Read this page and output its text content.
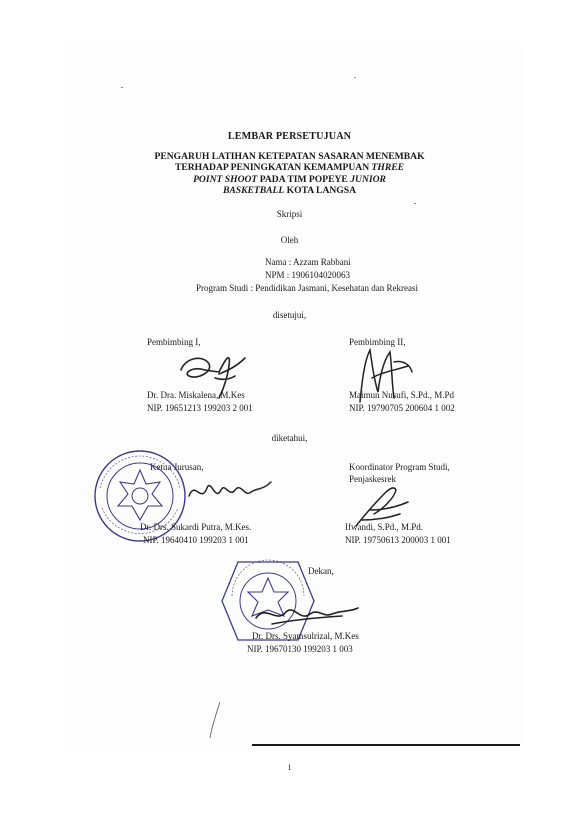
LEMBAR PERSETUJUAN
PENGARUH LATIHAN KETEPATAN SASARAN MENEMBAK
TERHADAP PENINGKATAN KEMAMPUAN THREE
POINT SHOOT PADA TIM POPEYE JUNIOR
BASKETBALL KOTA LANGSA
Skripsi
Oleh
Nama : Azzam Rabbani
NPM : 1906104020063
Program Studi : Pendidikan Jasmani, Kesehatan dan Rekreasi
disetujui,
Pembimbing I,
Dr. Dra. Miskalena, M.Kes
NIP. 19651213 199203 2 001
Pembimbing II,
Maimun Nusufi, S.Pd., M.Pd
NIP. 19790705 200604 1 002
diketahui,
Ketua Jurusan,
Dr. Drs. Sukardi Putra, M.Kes.
NIP. 19640410 199203 1 001
Koordinator Program Studi,
Penjaskesrek
Ifwandi, S.Pd., M.Pd.
NIP. 19750613 200003 1 001
Dekan,
Dr. Drs. Syamsulrizal, M.Kes
NIP. 19670130 199203 1 003
1
